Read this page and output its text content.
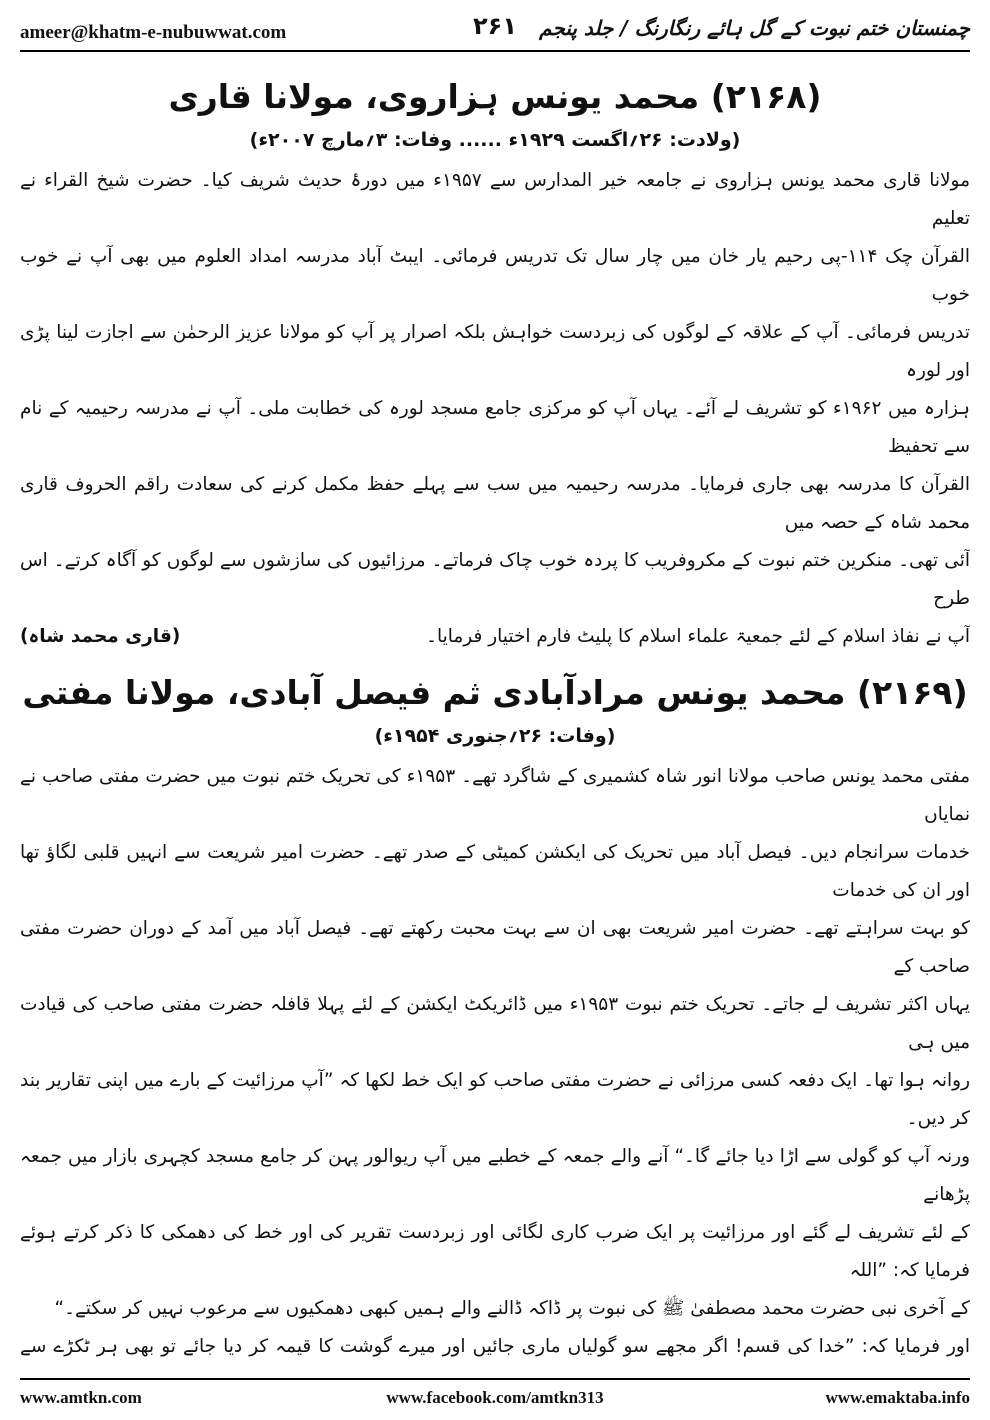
ameer@khatm-e-nubuwwat.com	۲۶۱	چمنستان ختم نبوت کے گل ہائے رنگارنگ / جلد پنجم
(۲۱۶۸) محمد یونس ہزاروی، مولانا قاری
(ولادت: ۲۶؍اگست ۱۹۲۹ء ...... وفات: ۳؍مارچ ۲۰۰۷ء)
مولانا قاری محمد یونس ہزاروی نے جامعہ خیر المدارس سے ۱۹۵۷ء میں دورۂ حدیث شریف کیا۔ حضرت شیخ القراء نے تعلیم
القرآن چک ۱۱۴-پی رحیم یار خان میں چار سال تک تدریس فرمائی۔ ایبٹ آباد مدرسہ امداد العلوم میں بھی آپ نے خوب خوب
تدریس فرمائی۔ آپ کے علاقہ کے لوگوں کی زبردست خواہش بلکہ اصرار پر آپ کو مولانا عزیز الرحمٰن سے اجازت لینا پڑی اور لورہ
ہزارہ میں ۱۹۶۲ء کو تشریف لے آئے۔ یہاں آپ کو مرکزی جامع مسجد لورہ کی خطابت ملی۔ آپ نے مدرسہ رحیمیہ کے نام سے تحفیظ
القرآن کا مدرسہ بھی جاری فرمایا۔ مدرسہ رحیمیہ میں سب سے پہلے حفظ مکمل کرنے کی سعادت راقم الحروف قاری محمد شاہ کے حصہ میں
آئی تھی۔ منکرین ختم نبوت کے مکروفریب کا پردہ خوب چاک فرماتے۔ مرزائیوں کی سازشوں سے لوگوں کو آگاہ کرتے۔ اس طرح
آپ نے نفاذ اسلام کے لئے جمعیۃ علماء اسلام کا پلیٹ فارم اختیار فرمایا۔
(قاری محمد شاہ)
(۲۱۶۹) محمد یونس مرادآبادی ثم فیصل آبادی، مولانا مفتی
(وفات: ۲۶؍جنوری ۱۹۵۴ء)
مفتی محمد یونس صاحب مولانا انور شاہ کشمیری کے شاگرد تھے۔ ۱۹۵۳ء کی تحریک ختم نبوت میں حضرت مفتی صاحب نے نمایاں
خدمات سرانجام دیں۔ فیصل آباد میں تحریک کی ایکشن کمیٹی کے صدر تھے۔ حضرت امیر شریعت سے انہیں قلبی لگاؤ تھا اور ان کی خدمات
کو بہت سراہتے تھے۔ حضرت امیر شریعت بھی ان سے بہت محبت رکھتے تھے۔ فیصل آباد میں آمد کے دوران حضرت مفتی صاحب کے
یہاں اکثر تشریف لے جاتے۔ تحریک ختم نبوت ۱۹۵۳ء میں ڈائریکٹ ایکشن کے لئے پہلا قافلہ حضرت مفتی صاحب کی قیادت میں ہی
روانہ ہوا تھا۔ ایک دفعہ کسی مرزائی نے حضرت مفتی صاحب کو ایک خط لکھا کہ ”آپ مرزائیت کے بارے میں اپنی تقاریر بند کر دیں۔
ورنہ آپ کو گولی سے اڑا دیا جائے گا۔“ آنے والے جمعہ کے خطبے میں آپ ریوالور پہن کر جامع مسجد کچہری بازار میں جمعہ پڑھانے
کے لئے تشریف لے گئے اور مرزائیت پر ایک ضرب کاری لگائی اور زبردست تقریر کی اور خط کی دھمکی کا ذکر کرتے ہوئے فرمایا کہ: ”اللہ
کے آخری نبی حضرت محمد مصطفیٰ ﷺ کی نبوت پر ڈاکہ ڈالنے والے ہمیں کبھی دھمکیوں سے مرعوب نہیں کر سکتے۔“
اور فرمایا کہ: ”خدا کی قسم! اگر مجھے سو گولیاں ماری جائیں اور میرے گوشت کا قیمہ کر دیا جائے تو بھی ہر ٹکڑے سے
www.amtkn.com	www.facebook.com/amtkn313	www.emaktaba.info
